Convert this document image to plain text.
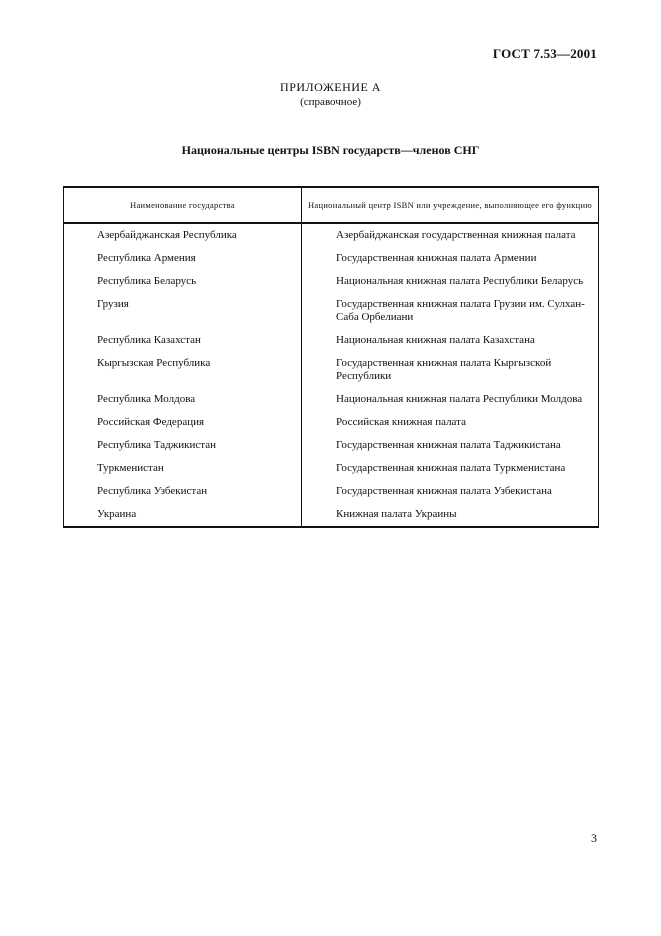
ГОСТ 7.53—2001
ПРИЛОЖЕНИЕ А
(справочное)
Национальные центры ISBN государств—членов СНГ
Наименование государства	Национальный центр ISBN или учреждение, выполняющее его функцию
Азербайджанская Республика	Азербайджанская государственная книжная палата
Республика Армения	Государственная книжная палата Армении
Республика Беларусь	Национальная книжная палата Республики Беларусь
Грузия	Государственная книжная палата Грузии им. Сулхан-Саба Орбелиани
Республика Казахстан	Национальная книжная палата Казахстана
Кыргызская Республика	Государственная книжная палата Кыргызской Республики
Республика Молдова	Национальная книжная палата Республики Молдова
Российская Федерация	Российская книжная палата
Республика Таджикистан	Государственная книжная палата Таджикистана
Туркменистан	Государственная книжная палата Туркменистана
Республика Узбекистан	Государственная книжная палата Узбекистана
Украина	Книжная палата Украины
3
